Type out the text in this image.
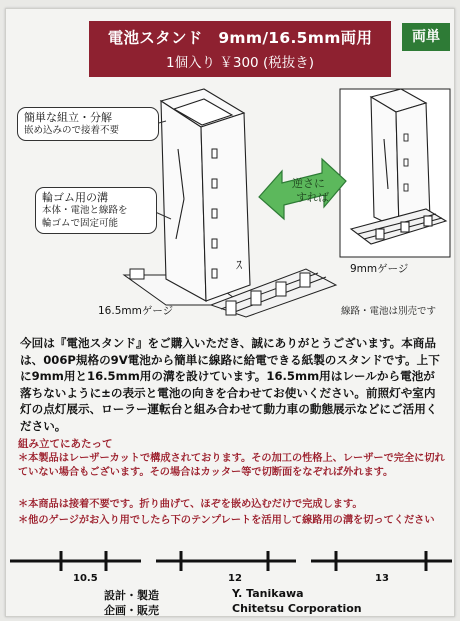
電池スタンド　9mm/16.5mm両用
1個入り ￥300 (税抜き)
両単
ｽ
逆さに
すれば
簡単な組立・分解
嵌め込みので接着不要
輪ゴム用の溝
本体・電池と線路を
輪ゴムで固定可能
16.5mmゲージ
9mmゲージ
線路・電池は別売です
今回は『電池スタンド』をご購入いただき、誠にありがとうございます。本商品は、006P規格の9V電池から簡単に線路に給電できる紙製のスタンドです。上下に9mm用と16.5mm用の溝を設けています。16.5mm用はレールから電池が落ちないように±の表示と電池の向きを合わせてお使いください。前照灯や室内灯の点灯展示、ローラー運転台と組み合わせて動力車の動態展示などにご活用ください。
組み立てにあたって
＊本製品はレーザーカットで構成されております。その加工の性格上、レーザーで完全に切れていない場合もございます。その場合はカッター等で切断面をなぞれば外れます。
＊本商品は接着不要です。折り曲げて、ほぞを嵌め込むだけで完成します。
＊他のゲージがお入り用でしたら下のテンプレートを活用して線路用の溝を切ってください
10.5	12	13
設計・製造
企画・販売
Y. Tanikawa
Chitetsu Corporation
